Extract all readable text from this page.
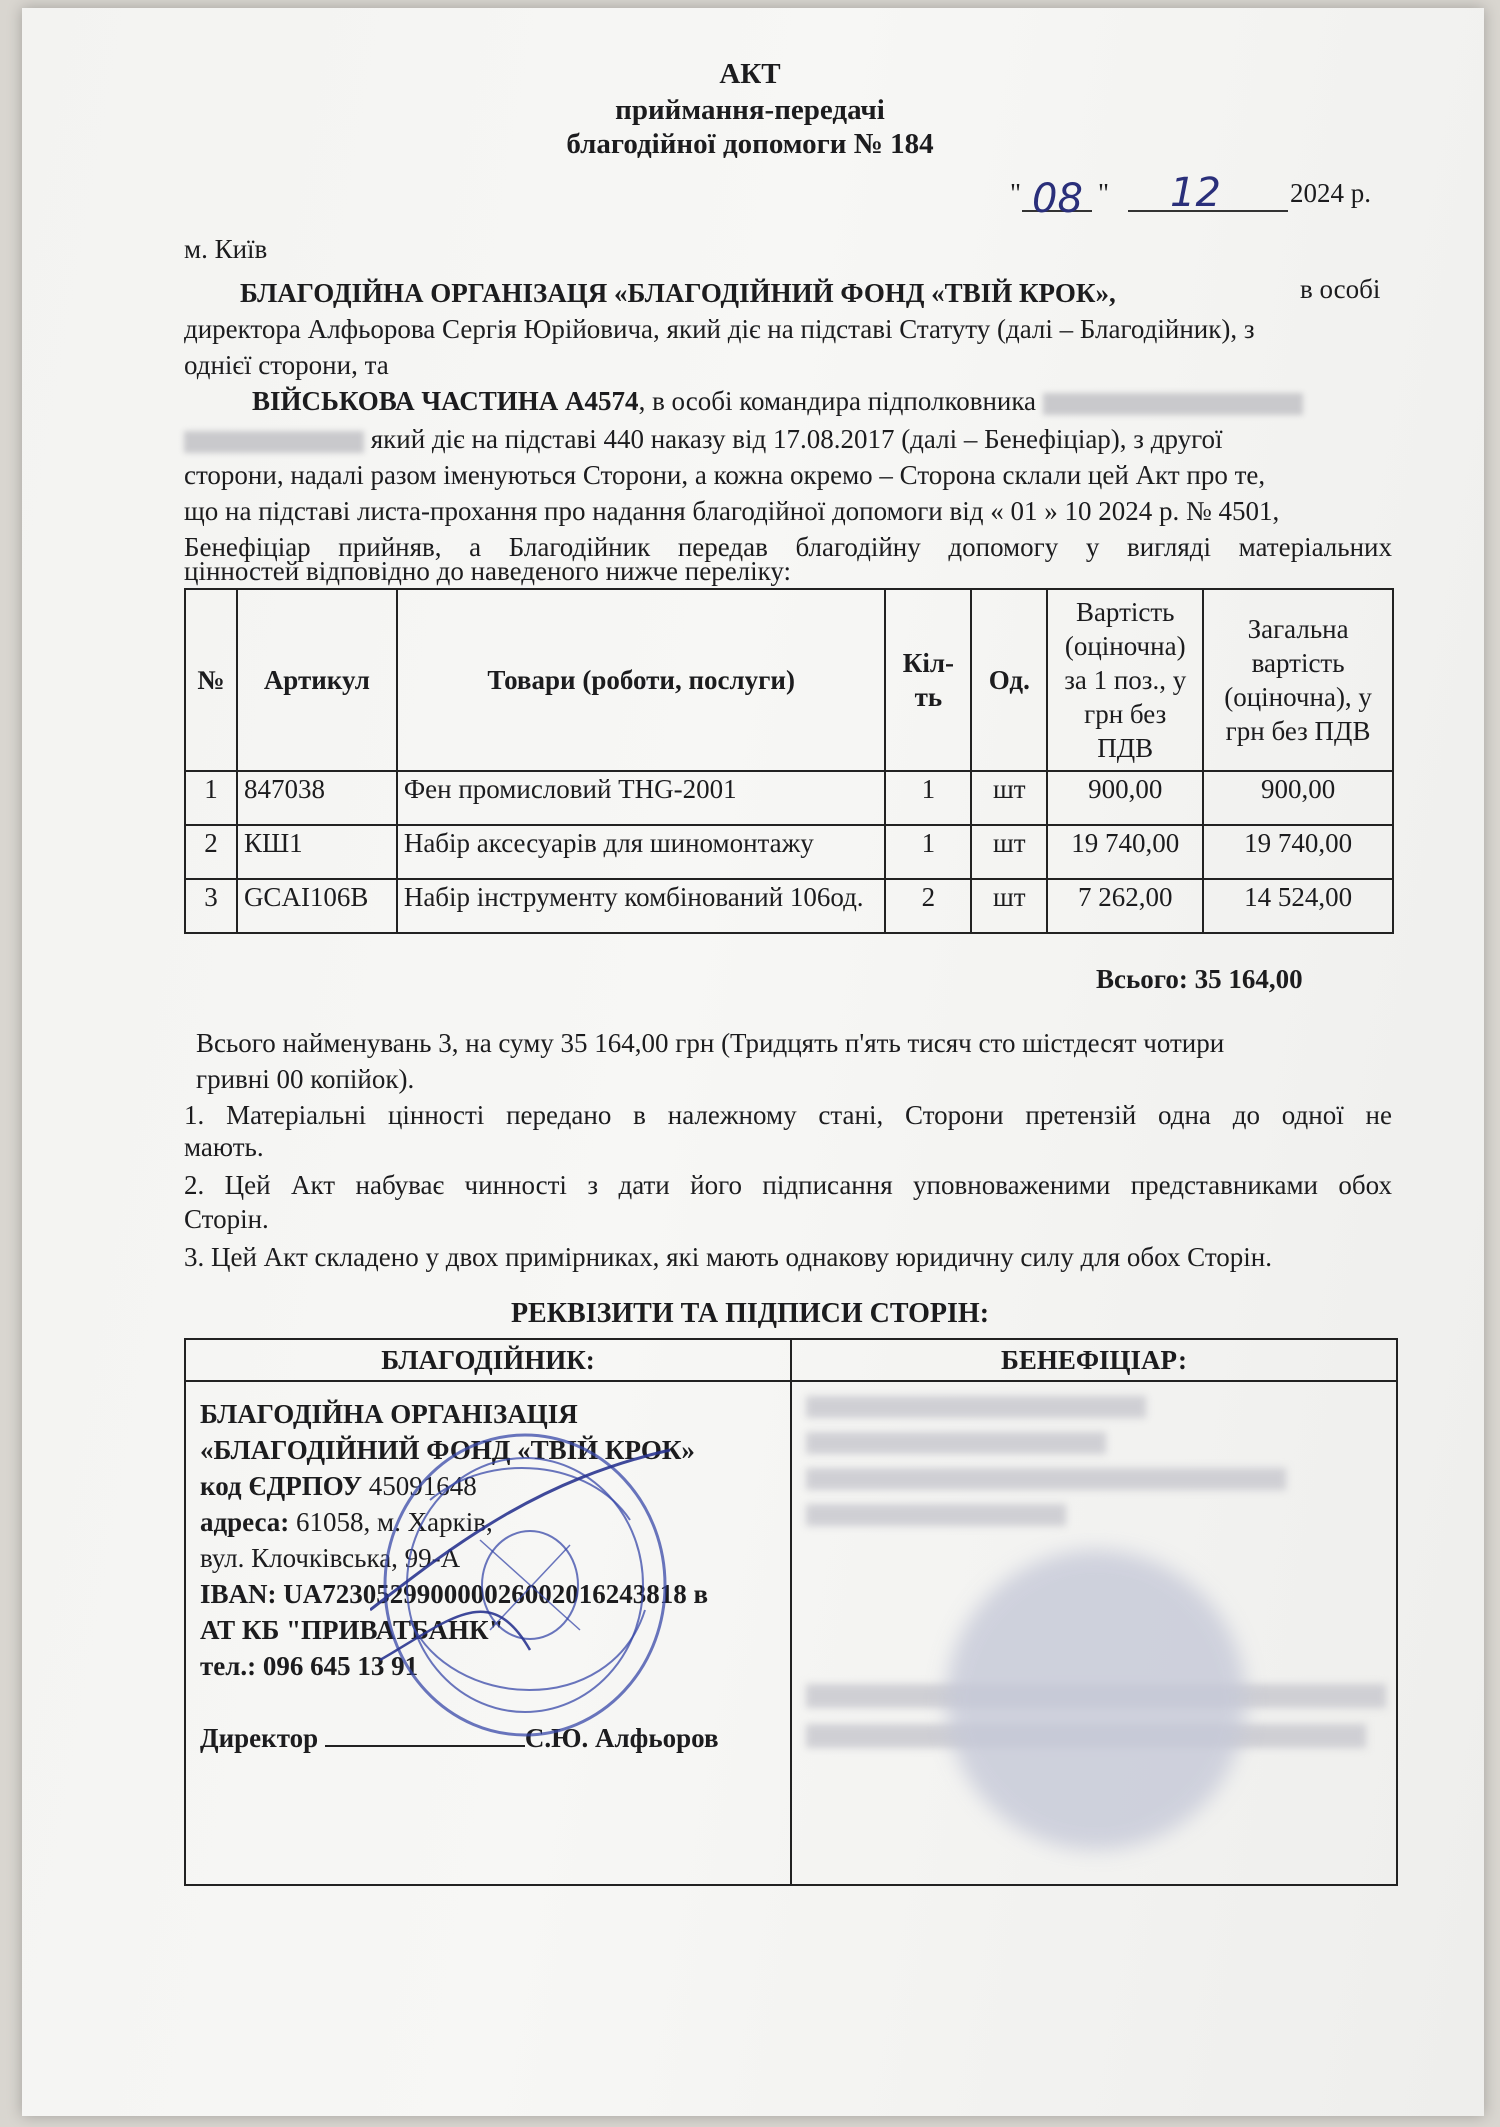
АКТ
приймання-передачі
благодійної допомоги № 184
" 08 " 12	2024 р.
м. Київ
БЛАГОДІЙНА ОРГАНІЗАЦЯ «БЛАГОДІЙНИЙ ФОНД «ТВІЙ КРОК»,	в особі
директора Алфьорова Сергія Юрійовича, який діє на підставі Статуту (далі – Благодійник), з
однієї сторони, та
ВІЙСЬКОВА ЧАСТИНА А4574, в особі командира підполковника
який діє на підставі 440 наказу від 17.08.2017 (далі – Бенефіціар), з другої
сторони, надалі разом іменуються Сторони, а кожна окремо – Сторона склали цей Акт про те,
що на підставі листа-прохання про надання благодійної допомоги від « 01 » 10 2024 р. № 4501,
Бенефіціар прийняв, а Благодійник передав благодійну допомогу у вигляді матеріальних
цінностей відповідно до наведеного нижче переліку:
№	Артикул	Товари (роботи, послуги)	Кіл-ть	Од.	Вартість (оціночна) за 1 поз., у грн без ПДВ	Загальна вартість (оціночна), у грн без ПДВ
1	847038	Фен промисловий THG-2001	1	шт	900,00	900,00
2	КШ1	Набір аксесуарів для шиномонтажу	1	шт	19 740,00	19 740,00
3	GCAI106B	Набір інструменту комбінований 106од.	2	шт	7 262,00	14 524,00
Всього: 35 164,00
Всього найменувань 3, на суму 35 164,00 грн (Тридцять п'ять тисяч сто шістдесят чотири
гривні 00 копійок).
1. Матеріальні цінності передано в належному стані, Сторони претензій одна до одної не
мають.
2. Цей Акт набуває чинності з дати його підписання уповноваженими представниками обох
Сторін.
3. Цей Акт складено у двох примірниках, які мають однакову юридичну силу для обох Сторін.
РЕКВІЗИТИ ТА ПІДПИСИ СТОРІН:
БЛАГОДІЙНИК:	БЕНЕФІЦІАР:
БЛАГОДІЙНА ОРГАНІЗАЦІЯ
«БЛАГОДІЙНИЙ ФОНД «ТВІЙ КРОК»
код ЄДРПОУ 45091648
адреса: 61058, м. Харків,
вул. Клочківська, 99-А
IBAN: UA723052990000026002016243818 в
АТ КБ "ПРИВАТБАНК"
тел.: 096 645 13 91
Директор	С.Ю. Алфьоров
